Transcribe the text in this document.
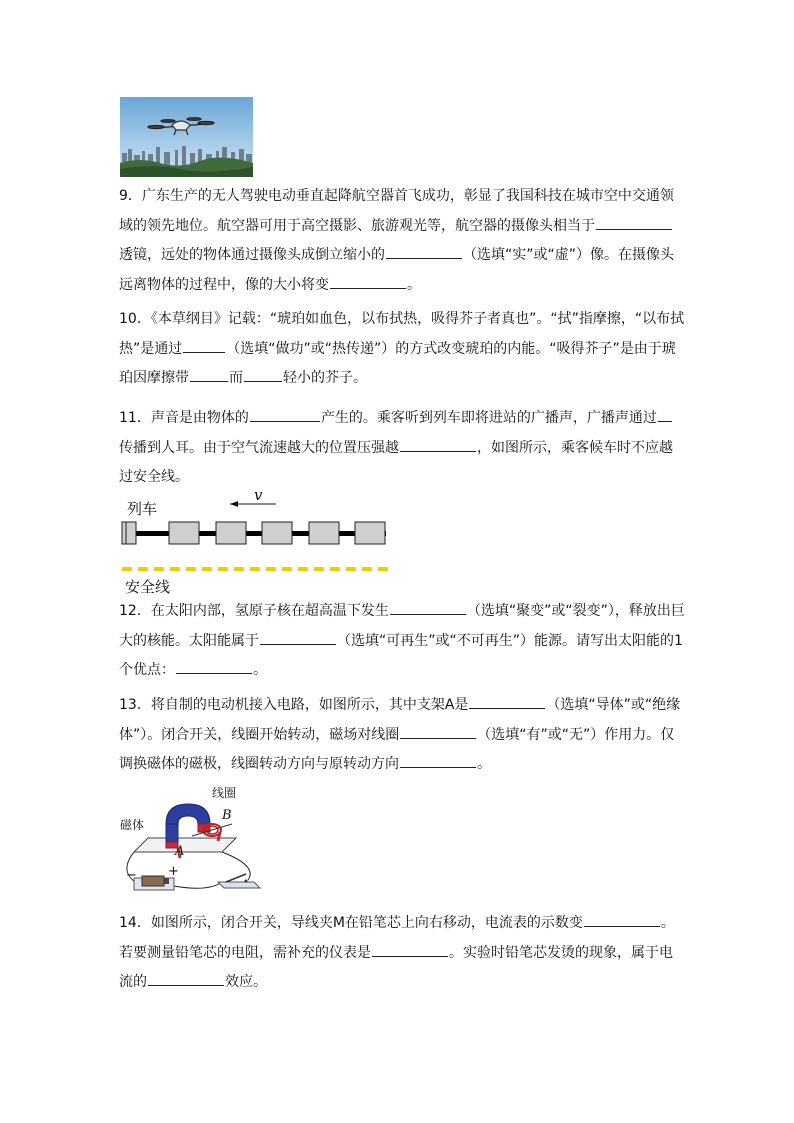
9．广东生产的无人驾驶电动垂直起降航空器首飞成功，彰显了我国科技在城市空中交通领域的领先地位。航空器可用于高空摄影、旅游观光等，航空器的摄像头相当于透镜，远处的物体通过摄像头成倒立缩小的	（选填“实”或“虚”）像。在摄像头远离物体的过程中，像的大小将变	。
10．《本草纲目》记载：“琥珀如血色，以布拭热，吸得芥子者真也”。“拭”指摩擦，“以布拭热”是通过	（选填“做功”或“热传递”）的方式改变琥珀的内能。“吸得芥子”是由于琥珀因摩擦带	而	轻小的芥子。
11．声音是由物体的	产生的。乘客听到列车即将进站的广播声，广播声通过传播到人耳。由于空气流速越大的位置压强越	，如图所示，乘客候车时不应越过安全线。
列车
v
安全线
12．在太阳内部，氢原子核在超高温下发生	（选填“聚变”或“裂变”），释放出巨大的核能。太阳能属于	（选填“可再生”或“不可再生”）能源。请写出太阳能的1个优点：	。
13．将自制的电动机接入电路，如图所示，其中支架A是	（选填“导体”或“绝缘体”）。闭合开关，线圈开始转动，磁场对线圈	（选填“有”或“无”）作用力。仅调换磁体的磁极，线圈转动方向与原转动方向	。
线圈
磁体
B
A
− +
14．如图所示，闭合开关，导线夹M在铅笔芯上向右移动，电流表的示数变	。若要测量铅笔芯的电阻，需补充的仪表是	。实验时铅笔芯发烫的现象，属于电流的	效应。
